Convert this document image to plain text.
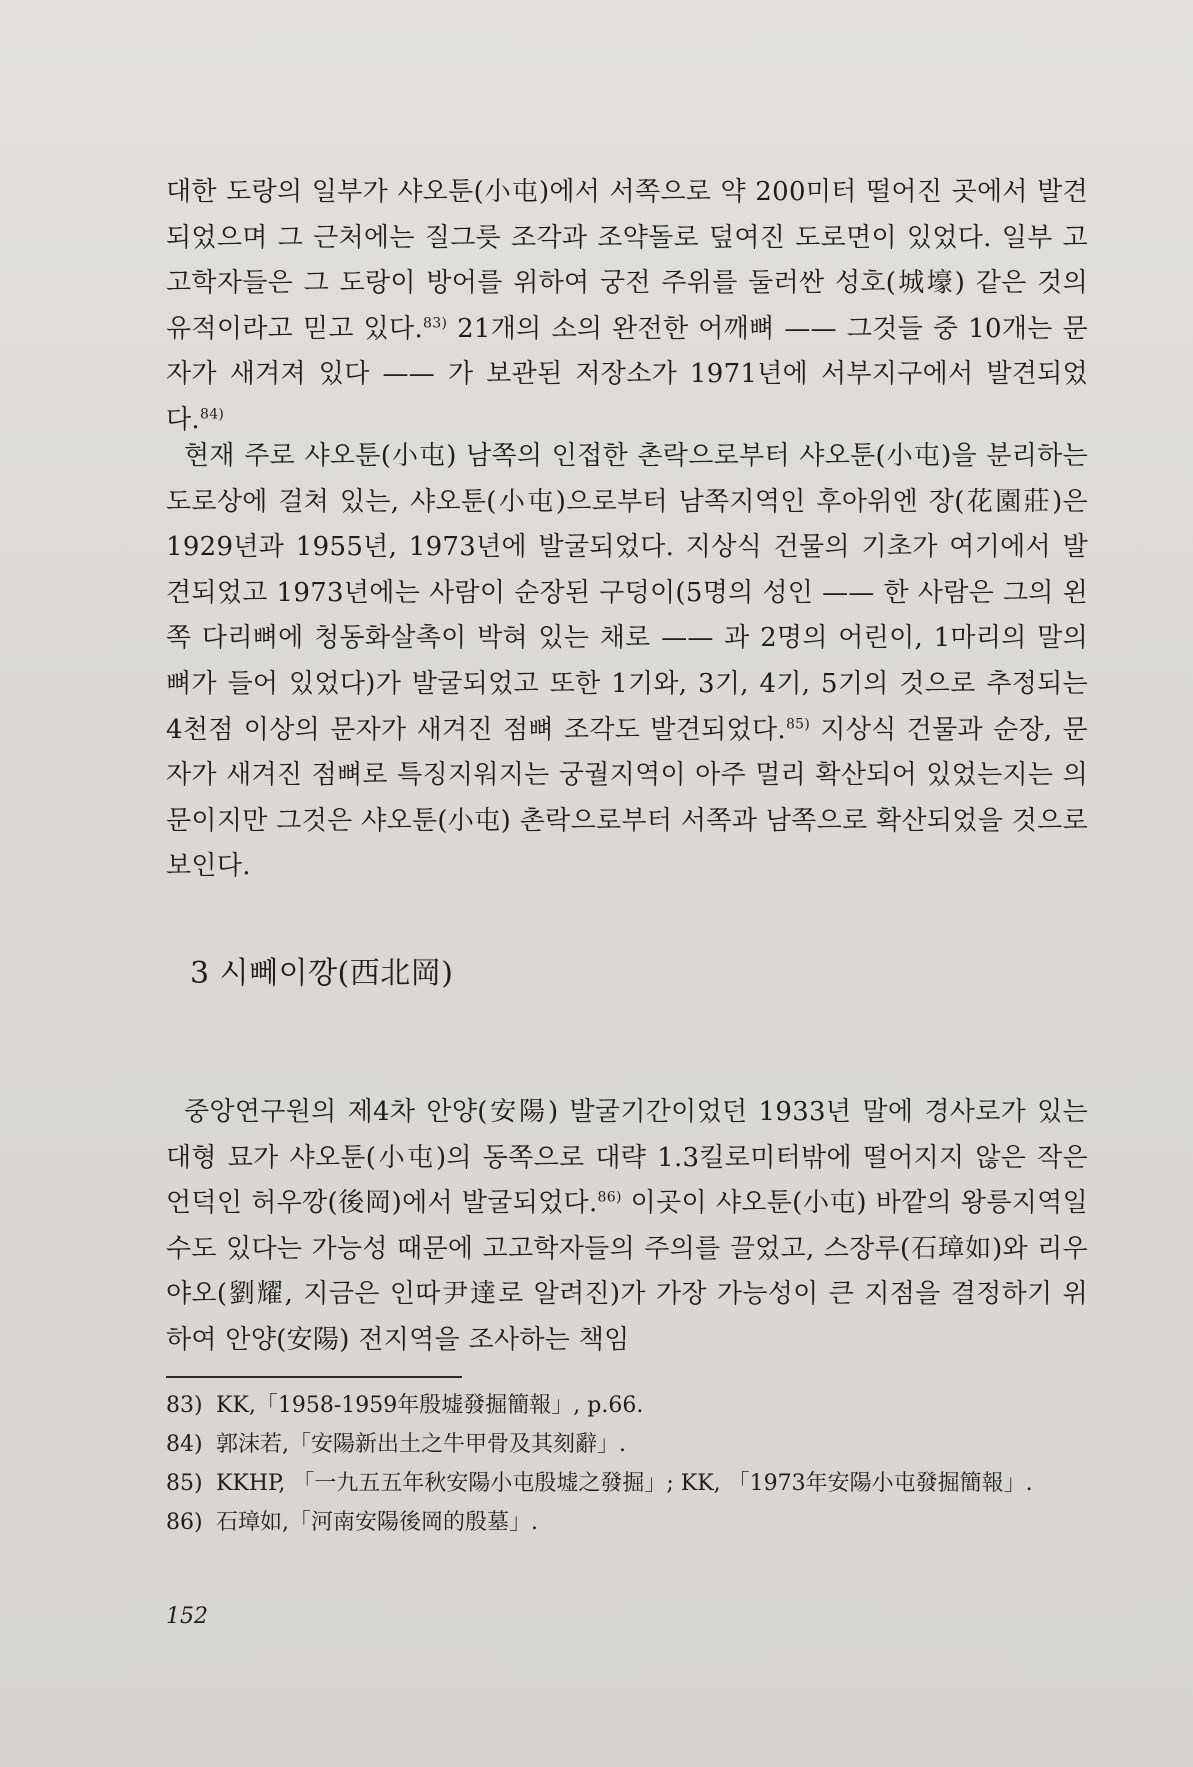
대한 도랑의 일부가 샤오툰(小屯)에서 서쪽으로 약 200미터 떨어진 곳에서 발견되었으며 그 근처에는 질그릇 조각과 조약돌로 덮여진 도로면이 있었다. 일부 고고학자들은 그 도랑이 방어를 위하여 궁전 주위를 둘러싼 성호(城壕) 같은 것의 유적이라고 믿고 있다.$^{83)}$ 21개의 소의 완전한 어깨뼈 —— 그것들 중 10개는 문자가 새겨져 있다 —— 가 보관된 저장소가 1971년에 서부지구에서 발견되었다.$^{84)}$

현재 주로 샤오툰(小屯) 남쪽의 인접한 촌락으로부터 샤오툰(小屯)을 분리하는 도로상에 걸쳐 있는, 샤오툰(小屯)으로부터 남쪽지역인 후아위엔 장(花園莊)은 1929년과 1955년, 1973년에 발굴되었다. 지상식 건물의 기초가 여기에서 발견되었고 1973년에는 사람이 순장된 구덩이(5명의 성인 —— 한 사람은 그의 왼쪽 다리뼈에 청동화살촉이 박혀 있는 채로 —— 과 2명의 어린이, 1마리의 말의 뼈가 들어 있었다)가 발굴되었고 또한 1기와, 3기, 4기, 5기의 것으로 추정되는 4천점 이상의 문자가 새겨진 점뼈 조각도 발견되었다.$^{85)}$ 지상식 건물과 순장, 문자가 새겨진 점뼈로 특징지워지는 궁궐지역이 아주 멀리 확산되어 있었는지는 의문이지만 그것은 샤오툰(小屯) 촌락으로부터 서쪽과 남쪽으로 확산되었을 것으로 보인다.

3 시뻬이깡(西北岡)

중앙연구원의 제4차 안양(安陽) 발굴기간이었던 1933년 말에 경사로가 있는 대형 묘가 샤오툰(小屯)의 동쪽으로 대략 1.3킬로미터밖에 떨어지지 않은 작은 언덕인 허우깡(後岡)에서 발굴되었다.$^{86)}$ 이곳이 샤오툰(小屯) 바깥의 왕릉지역일 수도 있다는 가능성 때문에 고고학자들의 주의를 끌었고, 스장루(石璋如)와 리우야오(劉耀, 지금은 인따尹達로 알려진)가 가장 가능성이 큰 지점을 결정하기 위하여 안양(安陽) 전지역을 조사하는 책임

83) KK,「1958-1959年殷墟發掘簡報」, p.66.
84) 郭沫若,「安陽新出土之牛甲骨及其刻辭」.
85) KKHP, 「一九五五年秋安陽小屯殷墟之發掘」; KK, 「1973年安陽小屯發掘簡報」.
86) 石璋如,「河南安陽後岡的殷墓」.

152
